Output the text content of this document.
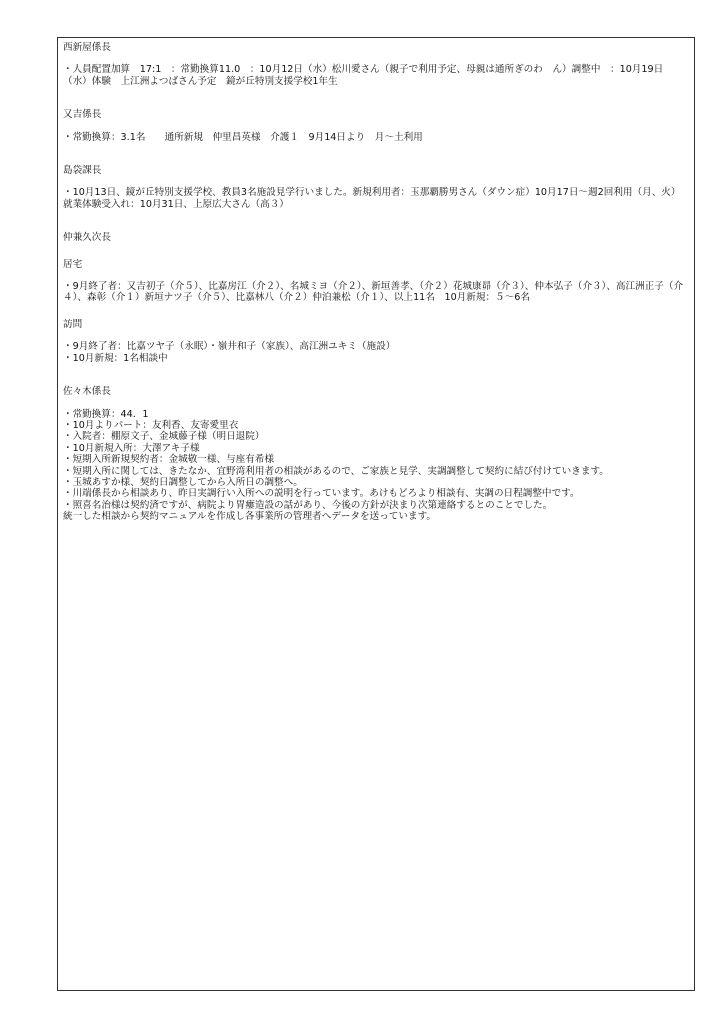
西新屋係長

・人員配置加算　17:1　：常勤換算11.0　：10月12日（水）松川愛さん（親子で利用予定、母親は通所ぎのわ　ん）調整中　：10月19日（水）体験　上江洲よつばさん予定　鏡が丘特別支援学校1年生

又吉係長

・常勤換算：3.1名　　通所新規　仲里昌英様　介護１　9月14日より　月～土利用

島袋課長

・10月13日、鏡が丘特別支援学校、教員3名施設見学行いました。新規利用者：玉那覇勝男さん（ダウン症）10月17日～週2回利用（月、火）就業体験受入れ：10月31日、上原広大さん（高３）

仲兼久次長

居宅

・9月終了者：又吉初子（介５）、比嘉房江（介２）、名城ミヨ（介２）、新垣善孝、（介２）花城康昴（介３）、仲本弘子（介３）、高江洲正子（介４）、森彰（介１）新垣ナツ子（介５）、比嘉林八（介２）仲泊兼松（介１）、以上11名　10月新規：５～6名

訪問

・9月終了者：比嘉ツヤ子（永眠）・嶺井和子（家族）、高江洲ユキミ（施設）

・10月新規：1名相談中

佐々木係長

・常勤換算：44．1

・10月よりパート：友利香、友寄愛里衣

・入院者：棚原文子、金城藤子様（明日退院）

・10月新規入所：大澤アキ子様

・短期入所新規契約者：金城敬一様、与座有希様

・短期入所に関しては、きたなか、宜野湾利用者の相談があるので、ご家族と見学、実調調整して契約に結び付けていきます。

・玉城あすか様、契約日調整してから入所日の調整へ。

・川端係長から相談あり、昨日実調行い入所への説明を行っています。あけもどろより相談有、実調の日程調整中です。

・照喜名治様は契約済ですが、病院より胃瘻造設の話があり、今後の方針が決まり次第連絡するとのことでした。

統一した相談から契約マニュアルを作成し各事業所の管理者へデータを送っています。
